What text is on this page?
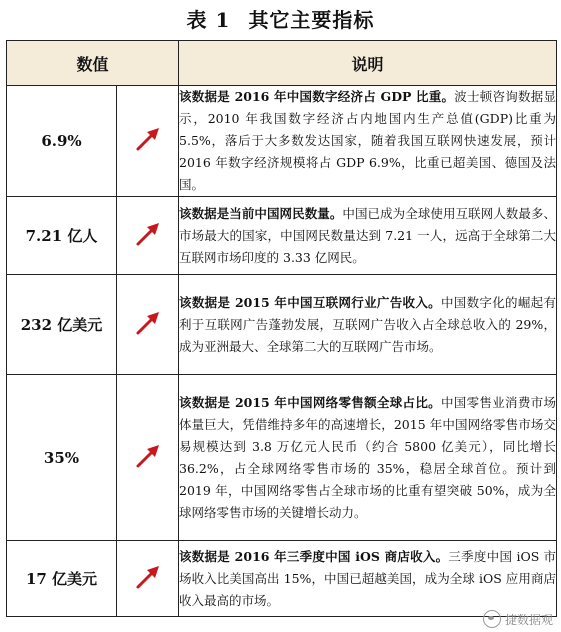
表 1 其它主要指标
数值		说明
6.9%		该数据是 2016 年中国数字经济占 GDP 比重。波士顿咨询数据显示，2010 年我国数字经济占内地国内生产总值(GDP)比重为 5.5%，落后于大多数发达国家，随着我国互联网快速发展，预计 2016 年数字经济规模将占 GDP 6.9%，比重已超美国、德国及法国。
7.21 亿人		该数据是当前中国网民数量。中国已成为全球使用互联网人数最多、市场最大的国家，中国网民数量达到 7.21 一人，远高于全球第二大互联网市场印度的 3.33 亿网民。
232 亿美元		该数据是 2015 年中国互联网行业广告收入。中国数字化的崛起有利于互联网广告蓬勃发展，互联网广告收入占全球总收入的 29%，成为亚洲最大、全球第二大的互联网广告市场。
35%		该数据是 2015 年中国网络零售额全球占比。中国零售业消费市场体量巨大，凭借维持多年的高速增长，2015 年中国网络零售市场交易规模达到 3.8 万亿元人民币（约合 5800 亿美元），同比增长 36.2%，占全球网络零售市场的 35%，稳居全球首位。预计到 2019 年，中国网络零售占全球市场的比重有望突破 50%，成为全球网络零售市场的关键增长动力。
17 亿美元		该数据是 2016 年三季度中国 iOS 商店收入。三季度中国 iOS 市场收入比美国高出 15%，中国已超越美国，成为全球 iOS 应用商店收入最高的市场。
捷数据观
